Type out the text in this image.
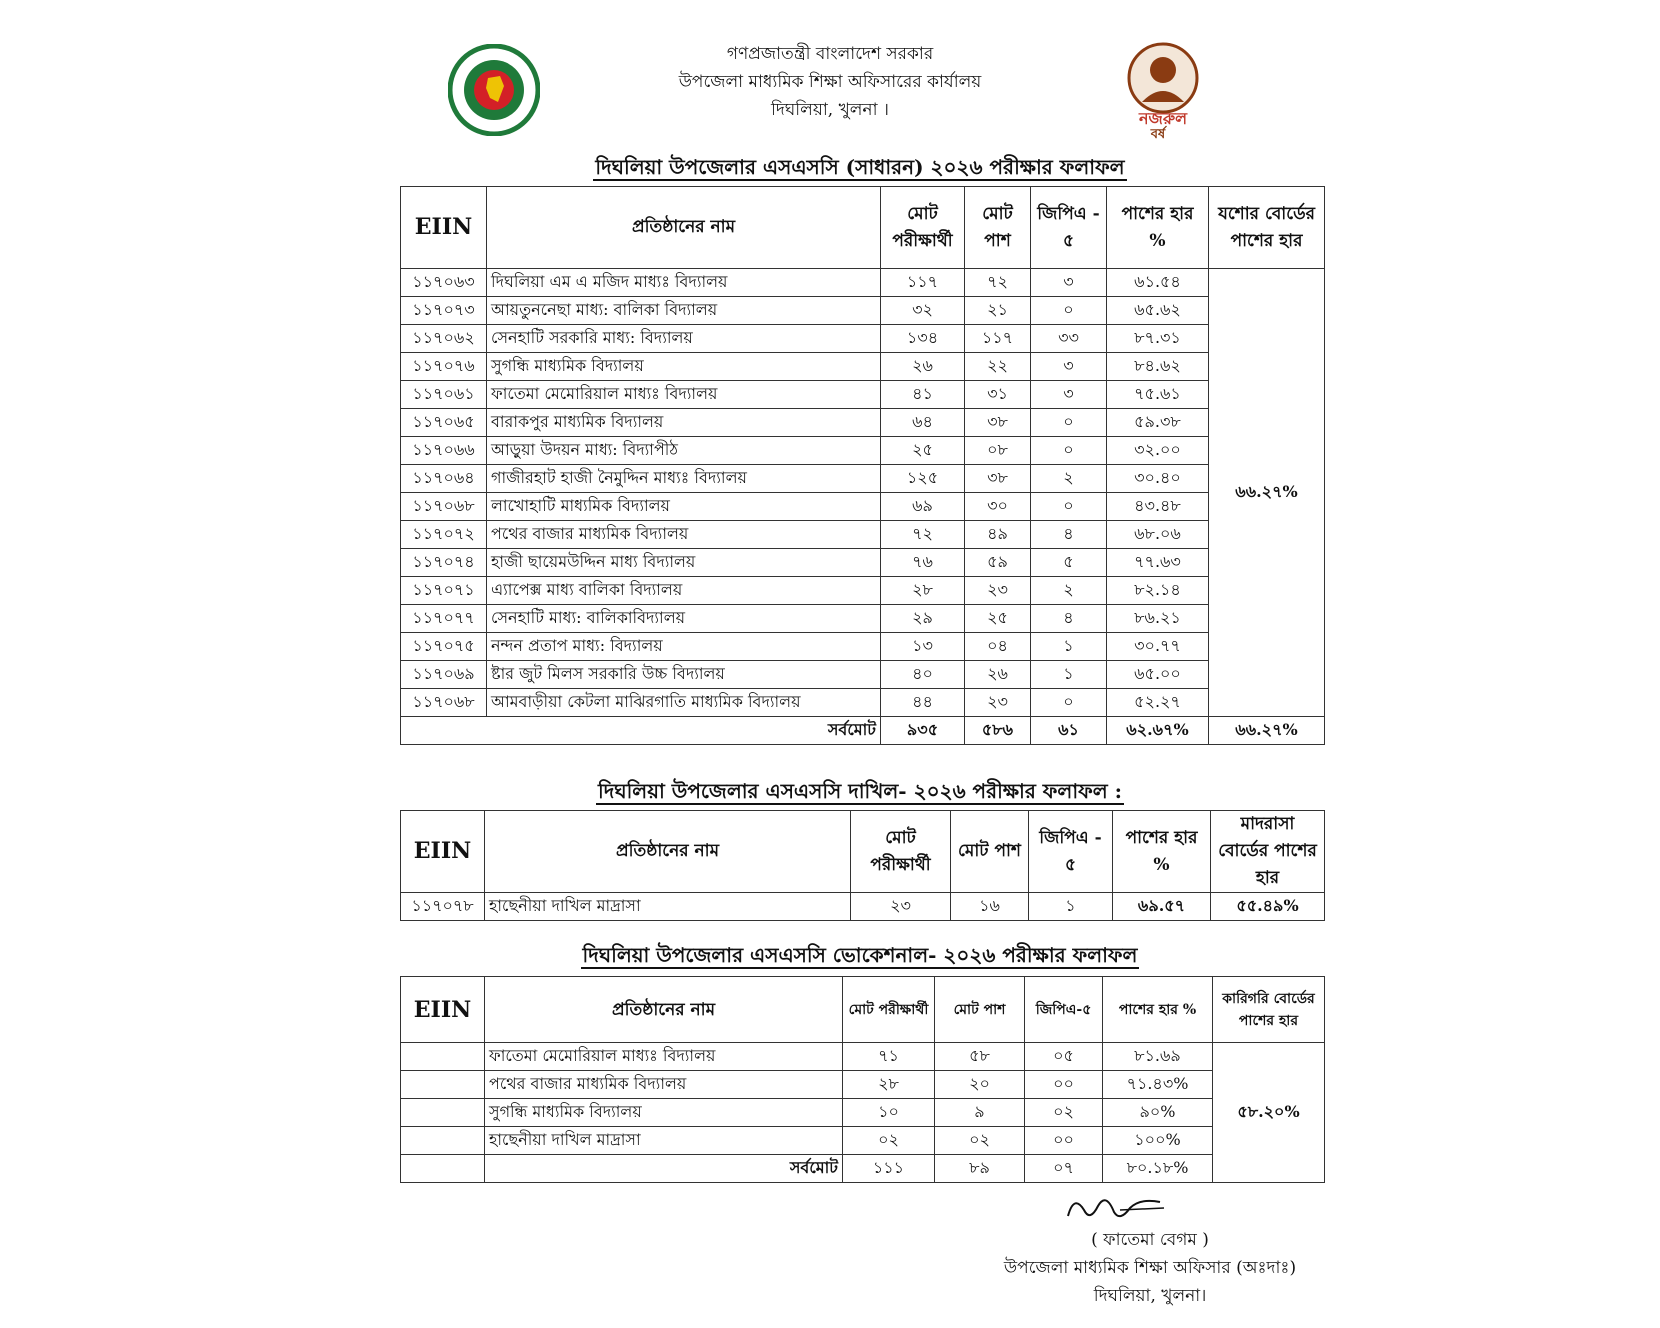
নজরুল
বর্ষ
গণপ্রজাতন্ত্রী বাংলাদেশ সরকার
উপজেলা মাধ্যমিক শিক্ষা অফিসারের কার্যালয়
দিঘলিয়া, খুলনা ।
দিঘলিয়া উপজেলার এসএসসি (সাধারন) ২০২৬ পরীক্ষার ফলাফল
EIIN	প্রতিষ্ঠানের নাম	মোট পরীক্ষার্থী	মোট পাশ	জিপিএ - ৫	পাশের হার %	যশোর বোর্ডের পাশের হার
১১৭০৬৩	দিঘলিয়া এম এ মজিদ মাধ্যঃ বিদ্যালয়	১১৭	৭২	৩	৬১.৫৪	৬৬.২৭%
১১৭০৭৩	আয়তুননেছা মাধ্য: বালিকা বিদ্যালয়	৩২	২১	০	৬৫.৬২	
১১৭০৬২	সেনহাটি সরকারি মাধ্য: বিদ্যালয়	১৩৪	১১৭	৩৩	৮৭.৩১	
১১৭০৭৬	সুগন্ধি মাধ্যমিক বিদ্যালয়	২৬	২২	৩	৮৪.৬২	
১১৭০৬১	ফাতেমা মেমোরিয়াল মাধ্যঃ বিদ্যালয়	৪১	৩১	৩	৭৫.৬১	
১১৭০৬৫	বারাকপুর মাধ্যমিক বিদ্যালয়	৬৪	৩৮	০	৫৯.৩৮	
১১৭০৬৬	আড়ুয়া উদয়ন মাধ্য: বিদ্যাপীঠ	২৫	০৮	০	৩২.০০	
১১৭০৬৪	গাজীরহাট হাজী নৈমুদ্দিন মাধ্যঃ বিদ্যালয়	১২৫	৩৮	২	৩০.৪০	
১১৭০৬৮	লাখোহাটি মাধ্যমিক বিদ্যালয়	৬৯	৩০	০	৪৩.৪৮	
১১৭০৭২	পথের বাজার মাধ্যমিক বিদ্যালয়	৭২	৪৯	৪	৬৮.০৬	
১১৭০৭৪	হাজী ছায়েমউদ্দিন মাধ্য বিদ্যালয়	৭৬	৫৯	৫	৭৭.৬৩	
১১৭০৭১	এ্যাপেক্স মাধ্য বালিকা বিদ্যালয়	২৮	২৩	২	৮২.১৪	
১১৭০৭৭	সেনহাটি মাধ্য: বালিকাবিদ্যালয়	২৯	২৫	৪	৮৬.২১	
১১৭০৭৫	নন্দন প্রতাপ মাধ্য: বিদ্যালয়	১৩	০৪	১	৩০.৭৭	
১১৭০৬৯	ষ্টার জুট মিলস সরকারি উচ্চ বিদ্যালয়	৪০	২৬	১	৬৫.০০	
১১৭০৬৮	আমবাড়ীয়া কেটলা মাঝিরগাতি মাধ্যমিক বিদ্যালয়	৪৪	২৩	০	৫২.২৭	
সর্বমোট		৯৩৫	৫৮৬	৬১	৬২.৬৭%	৬৬.২৭%
দিঘলিয়া উপজেলার এসএসসি দাখিল- ২০২৬ পরীক্ষার ফলাফল :
EIIN	প্রতিষ্ঠানের নাম	মোট পরীক্ষার্থী	মোট পাশ	জিপিএ - ৫	পাশের হার %	মাদরাসা বোর্ডের পাশের হার
১১৭০৭৮	হাছেনীয়া দাখিল মাদ্রাসা	২৩	১৬	১	৬৯.৫৭	৫৫.৪৯%
দিঘলিয়া উপজেলার এসএসসি ভোকেশনাল- ২০২৬ পরীক্ষার ফলাফল
EIIN	প্রতিষ্ঠানের নাম	মোট পরীক্ষার্থী	মোট পাশ	জিপিএ-৫	পাশের হার %	কারিগরি বোর্ডের পাশের হার
	ফাতেমা মেমোরিয়াল মাধ্যঃ বিদ্যালয়	৭১	৫৮	০৫	৮১.৬৯	৫৮.২০%
	পথের বাজার মাধ্যমিক বিদ্যালয়	২৮	২০	০০	৭১.৪৩%	
	সুগন্ধি মাধ্যমিক বিদ্যালয়	১০	৯	০২	৯০%	
	হাছেনীয়া দাখিল মাদ্রাসা	০২	০২	০০	১০০%	
	সর্বমোট	১১১	৮৯	০৭	৮০.১৮%	
( ফাতেমা বেগম )
উপজেলা মাধ্যমিক শিক্ষা অফিসার (অঃদাঃ)
দিঘলিয়া, খুলনা।
